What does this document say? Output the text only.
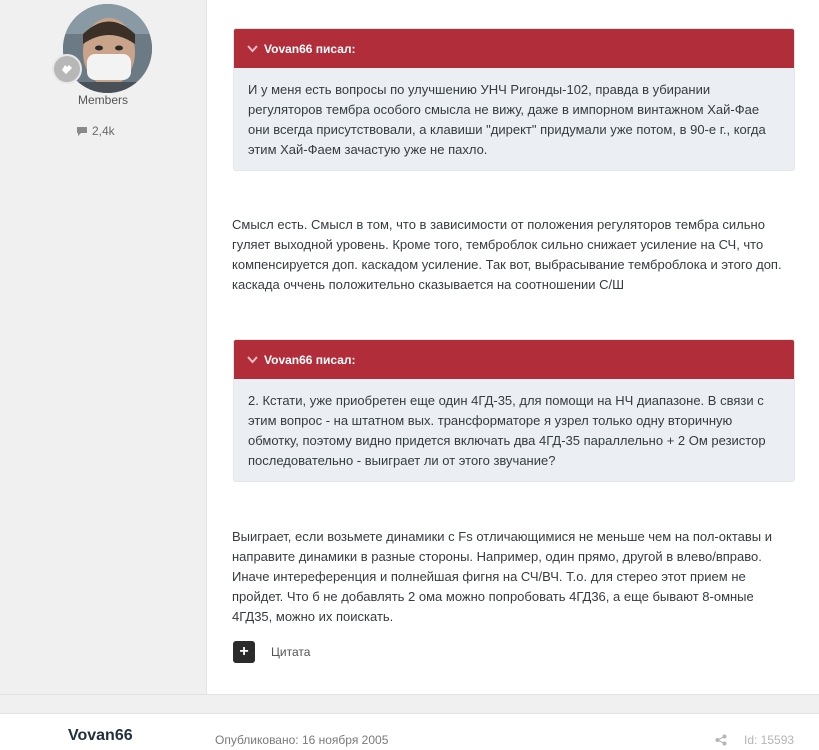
Members
2,4k
Vovan66 писал:
И у меня есть вопросы по улучшению УНЧ Ригонды-102, правда в убирании
регуляторов тембра особого смысла не вижу, даже в импорном винтажном Хай-Фае
они всегда присутствовали, а клавиши "директ" придумали уже потом, в 90-е г., когда
этим Хай-Фаем зачастую уже не пахло.
Смысл есть. Смысл в том, что в зависимости от положения регуляторов тембра сильно
гуляет выходной уровень. Кроме того, темброблок сильно снижает усиление на СЧ, что
компенсируется доп. каскадом усиление. Так вот, выбрасывание темброблока и этого доп.
каскада оччень положительно сказывается на соотношении С/Ш
Vovan66 писал:
2. Кстати, уже приобретен еще один 4ГД-35, для помощи на НЧ диапазоне. В связи с
этим вопрос - на штатном вых. трансформаторе я узрел только одну вторичную
обмотку, поэтому видно придется включать два 4ГД-35 параллельно + 2 Ом резистор
последовательно - выиграет ли от этого звучание?
Выиграет, если возьмете динамики с Fs отличающимися не меньше чем на пол-октавы и
направите динамики в разные стороны. Например, один прямо, другой в влево/вправо.
Иначе интереференция и полнейшая фигня на СЧ/ВЧ. Т.о. для стерео этот прием не
пройдет. Что б не добавлять 2 ома можно попробовать 4ГД36, а еще бывают 8-омные
4ГД35, можно их поискать.
+	Цитата
Vovan66	Опубликовано: 16 ноября 2005	Id: 15593
